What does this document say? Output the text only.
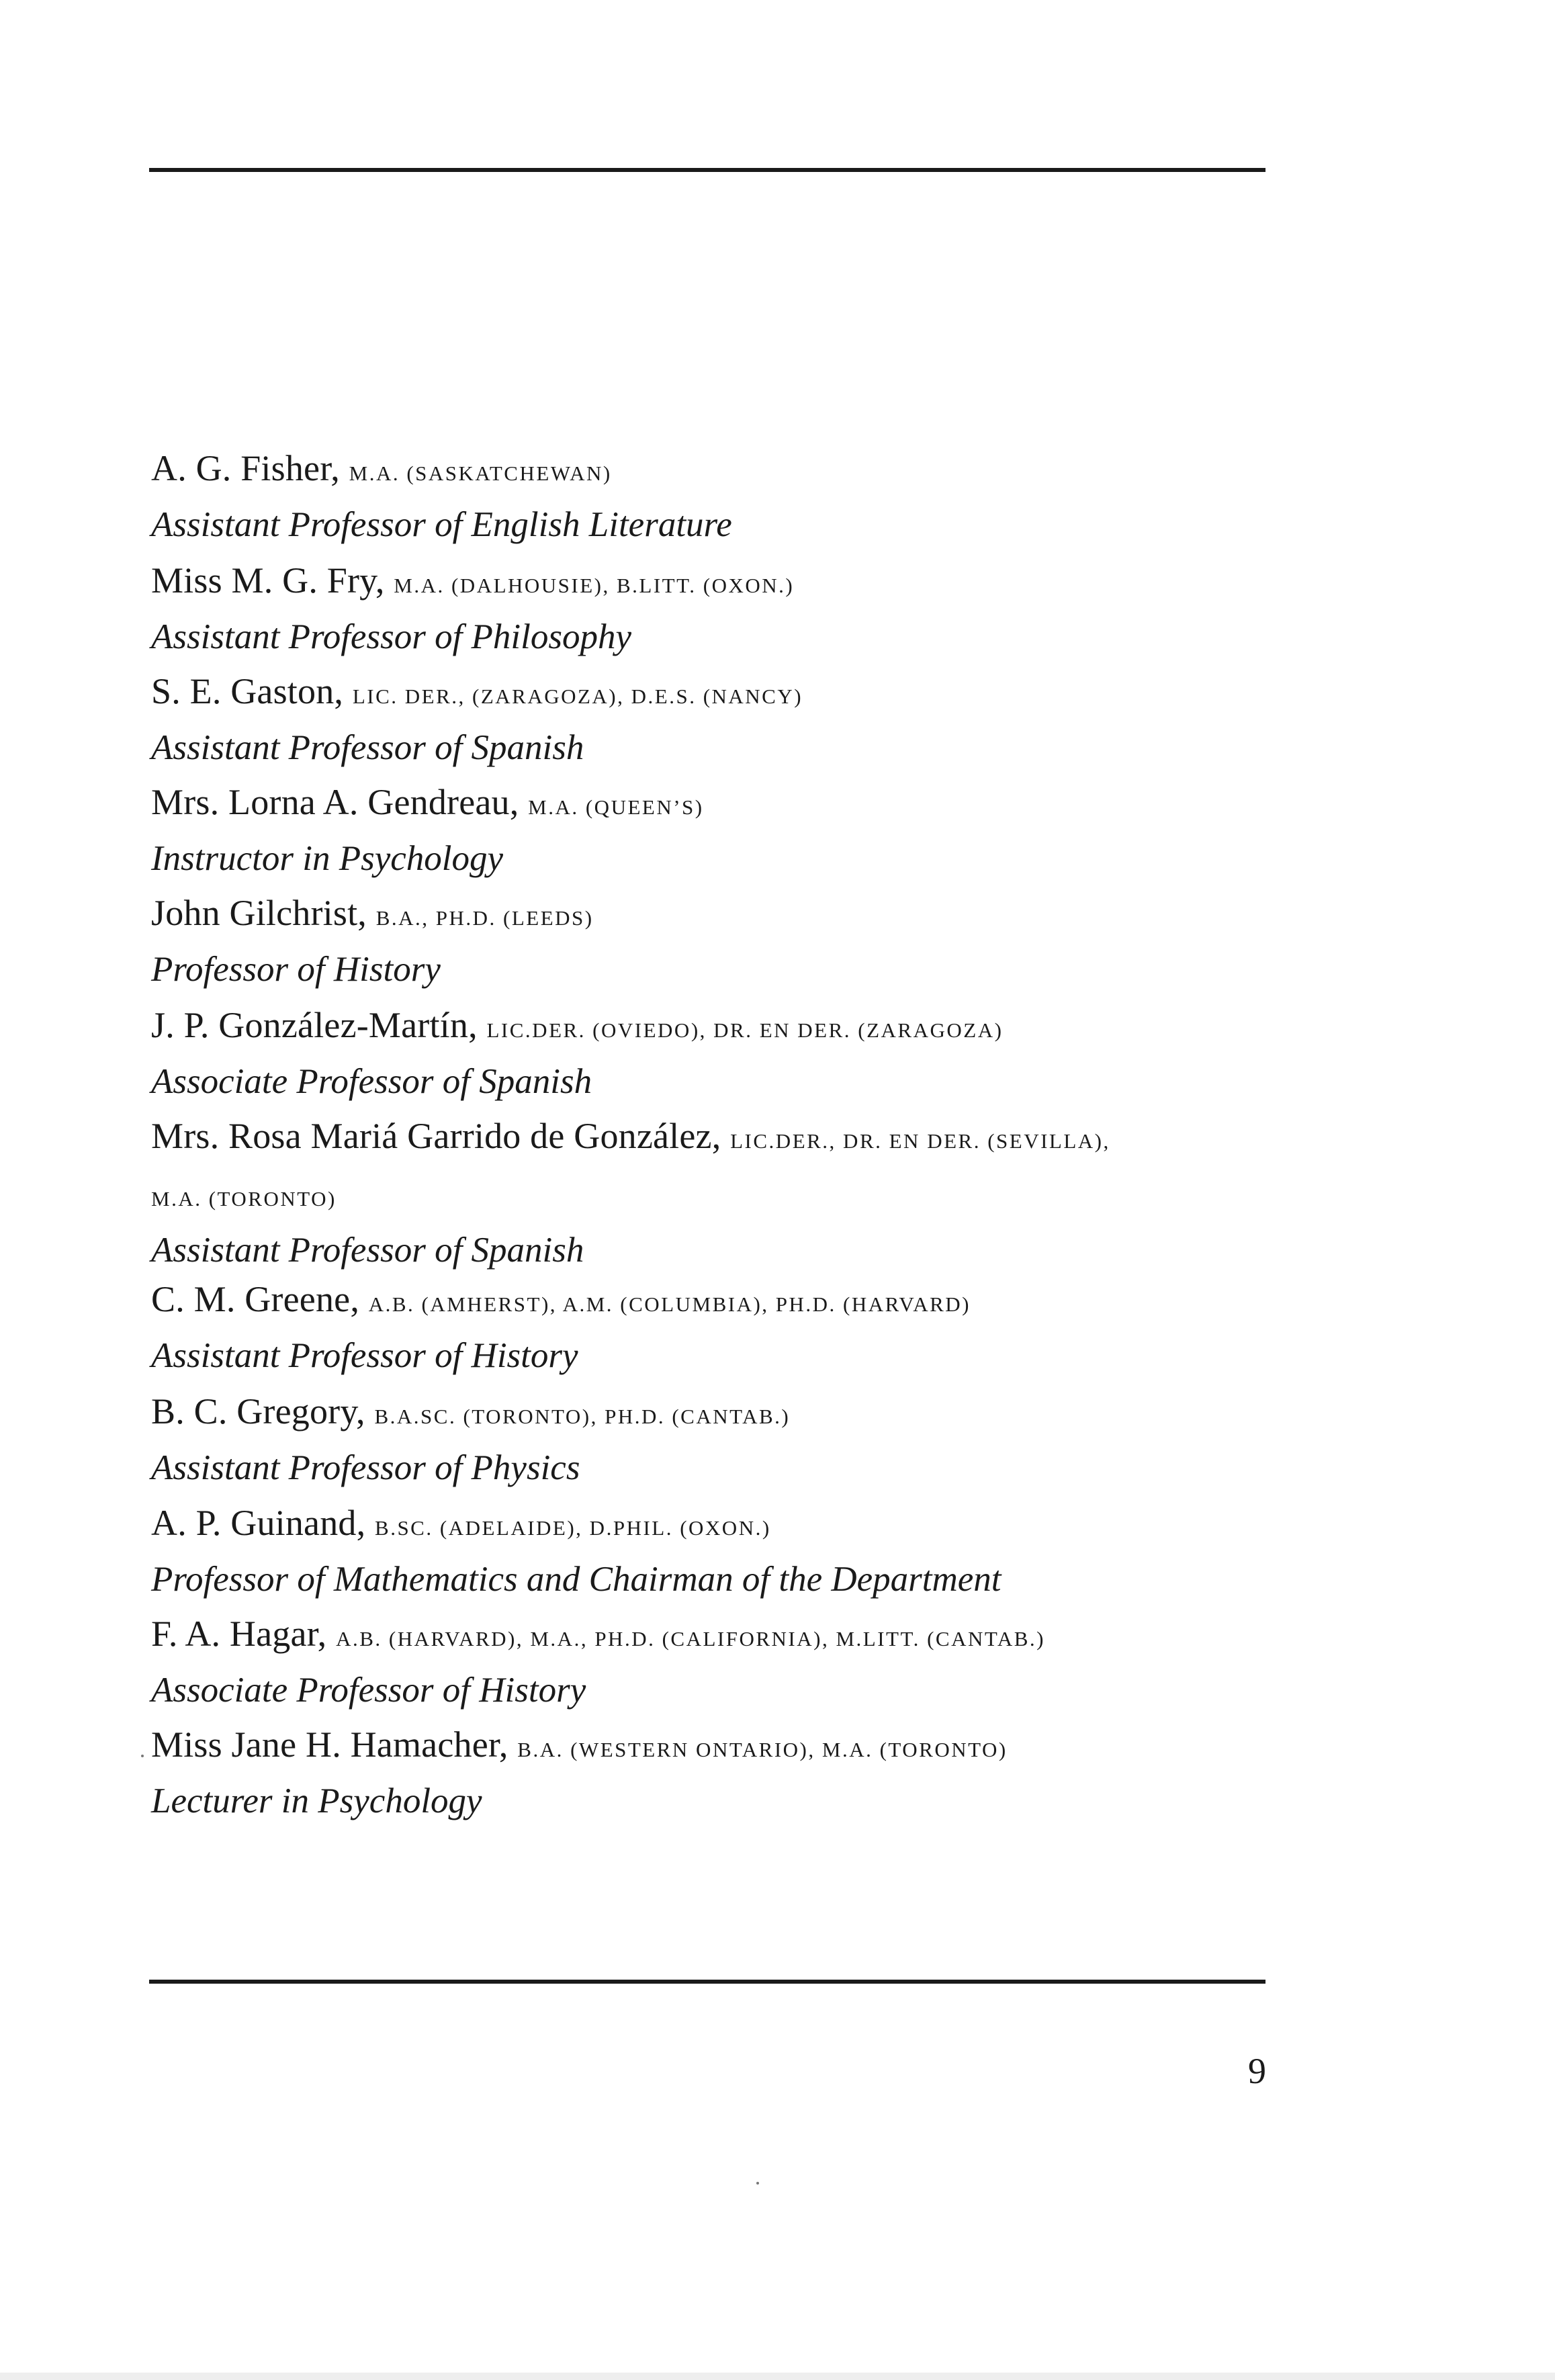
A. G. Fisher, M.A. (SASKATCHEWAN)
Assistant Professor of English Literature
Miss M. G. Fry, M.A. (DALHOUSIE), B.LITT. (OXON.)
Assistant Professor of Philosophy
S. E. Gaston, LIC. DER., (ZARAGOZA), D.E.S. (NANCY)
Assistant Professor of Spanish
Mrs. Lorna A. Gendreau, M.A. (QUEEN’S)
Instructor in Psychology
John Gilchrist, B.A., PH.D. (LEEDS)
Professor of History
J. P. González-Martín, LIC.DER. (OVIEDO), DR. EN DER. (ZARAGOZA)
Associate Professor of Spanish
Mrs. Rosa Mariá Garrido de González, LIC.DER., DR. EN DER. (SEVILLA),
M.A. (TORONTO)
Assistant Professor of Spanish
C. M. Greene, A.B. (AMHERST), A.M. (COLUMBIA), PH.D. (HARVARD)
Assistant Professor of History
B. C. Gregory, B.A.SC. (TORONTO), PH.D. (CANTAB.)
Assistant Professor of Physics
A. P. Guinand, B.SC. (ADELAIDE), D.PHIL. (OXON.)
Professor of Mathematics and Chairman of the Department
F. A. Hagar, A.B. (HARVARD), M.A., PH.D. (CALIFORNIA), M.LITT. (CANTAB.)
Associate Professor of History
Miss Jane H. Hamacher, B.A. (WESTERN ONTARIO), M.A. (TORONTO)
Lecturer in Psychology
9
